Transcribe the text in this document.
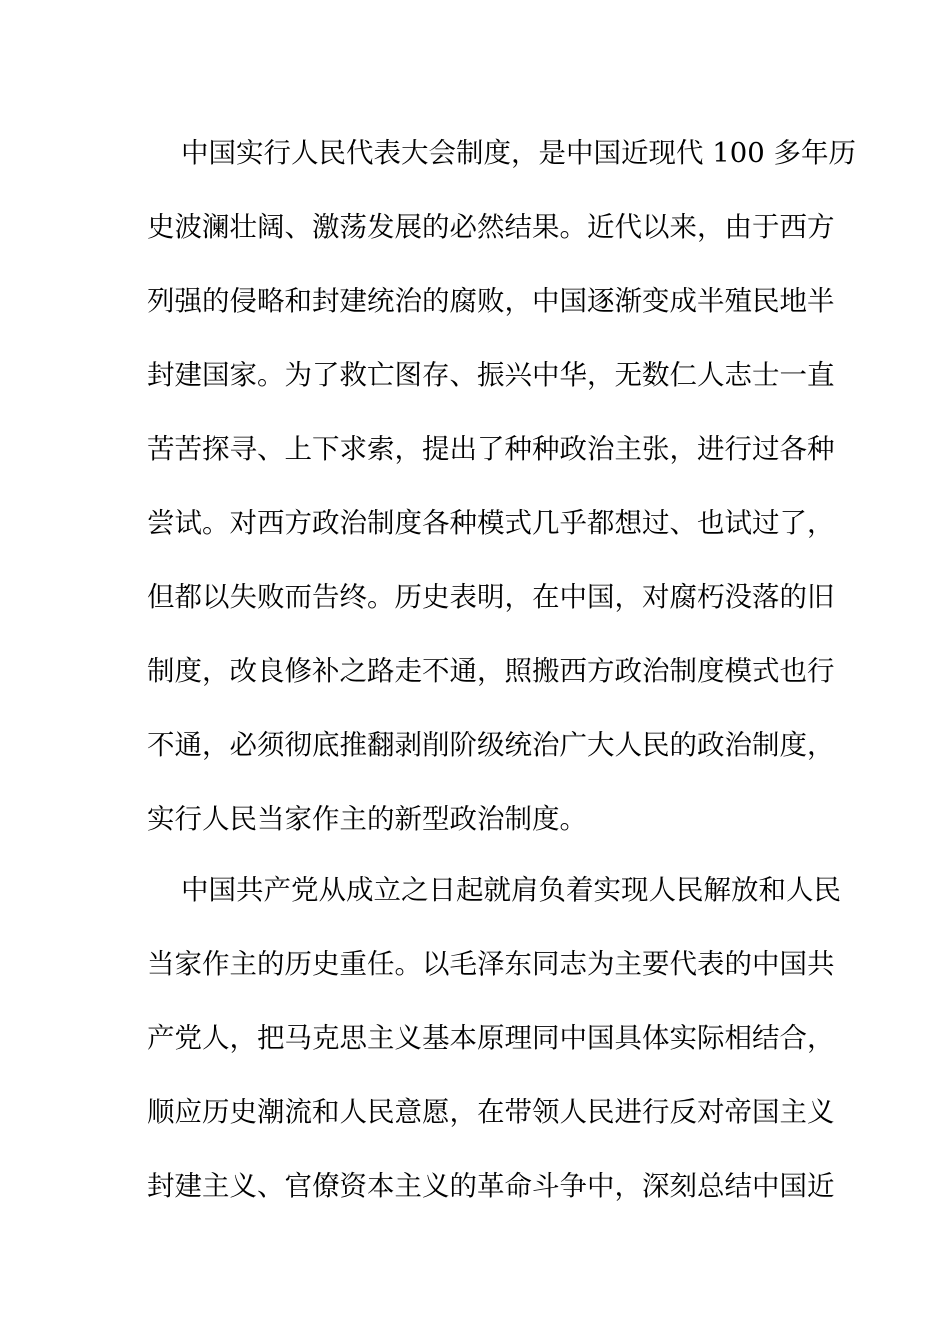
中国实行人民代表大会制度，是中国近现代 100 多年历
史波澜壮阔、激荡发展的必然结果。近代以来，由于西方
列强的侵略和封建统治的腐败，中国逐渐变成半殖民地半
封建国家。为了救亡图存、振兴中华，无数仁人志士一直
苦苦探寻、上下求索，提出了种种政治主张，进行过各种
尝试。对西方政治制度各种模式几乎都想过、也试过了，
但都以失败而告终。历史表明，在中国，对腐朽没落的旧
制度，改良修补之路走不通，照搬西方政治制度模式也行
不通，必须彻底推翻剥削阶级统治广大人民的政治制度，
实行人民当家作主的新型政治制度。
中国共产党从成立之日起就肩负着实现人民解放和人民
当家作主的历史重任。以毛泽东同志为主要代表的中国共
产党人，把马克思主义基本原理同中国具体实际相结合，
顺应历史潮流和人民意愿，在带领人民进行反对帝国主义
封建主义、官僚资本主义的革命斗争中，深刻总结中国近
